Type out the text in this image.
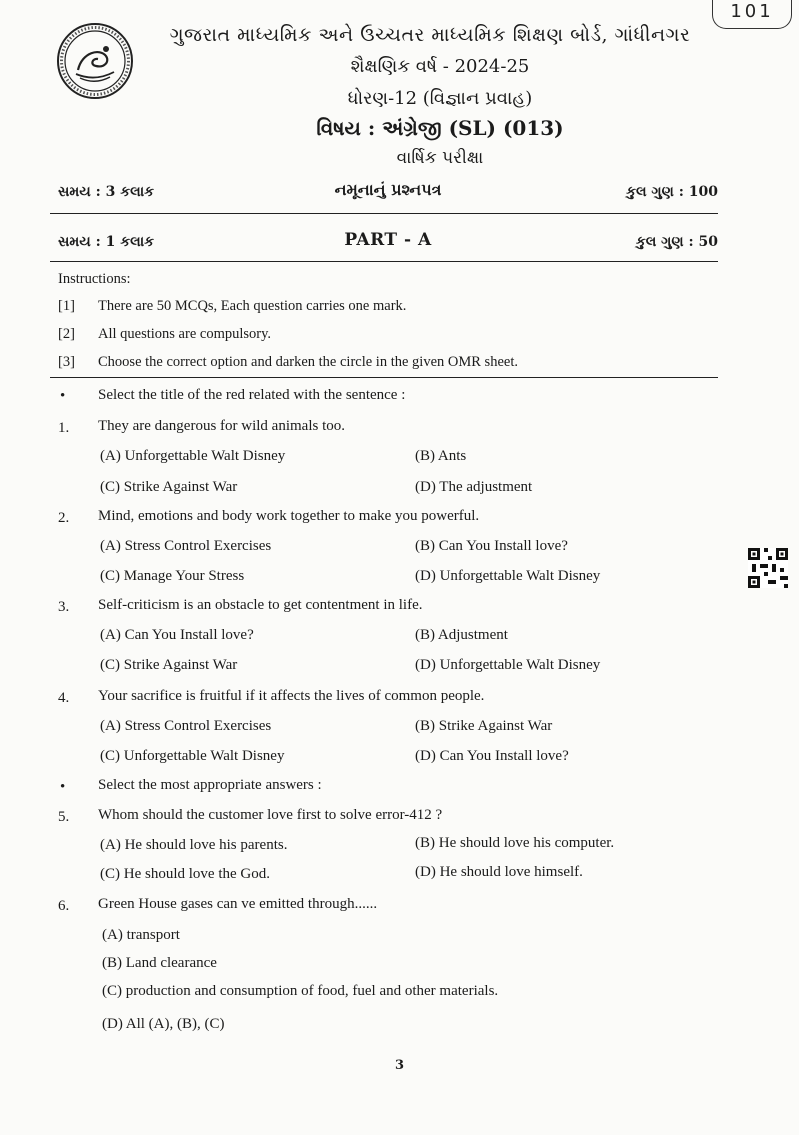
101
ગુજરાત માધ્યમિક અને ઉચ્ચતર માધ્યમિક શિક્ષણ બોર્ડ, ગાંધીનગર
શૈક્ષણિક વર્ષ - 2024-25
ધોરણ-12 (વિજ્ઞાન પ્રવાહ)
વિષય : અંગ્રેજી (SL) (013)
વાર્ષિક પરીક્ષા
સમય : 3 કલાક	નમૂનાનું પ્રશ્નપત્ર	કુલ ગુણ : 100
સમય : 1 કલાક	PART - A	કુલ ગુણ : 50
Instructions:
[1] There are 50 MCQs, Each question carries one mark.
[2] All questions are compulsory.
[3] Choose the correct option and darken the circle in the given OMR sheet.
• Select the title of the red related with the sentence :
1. They are dangerous for wild animals too.
(A) Unforgettable Walt Disney	(B) Ants
(C) Strike Against War	(D) The adjustment
2. Mind, emotions and body work together to make you powerful.
(A) Stress Control Exercises	(B) Can You Install love?
(C) Manage Your Stress	(D) Unforgettable Walt Disney
3. Self-criticism is an obstacle to get contentment in life.
(A) Can You Install love?	(B) Adjustment
(C) Strike Against War	(D) Unforgettable Walt Disney
4. Your sacrifice is fruitful if it affects the lives of common people.
(A) Stress Control Exercises	(B) Strike Against War
(C) Unforgettable Walt Disney	(D) Can You Install love?
• Select the most appropriate answers :
5. Whom should the customer love first to solve error-412 ?
(A) He should love his parents.	(B) He should love his computer.
(C) He should love the God.	(D) He should love himself.
6. Green House gases can ve emitted through......
(A) transport
(B) Land clearance
(C) production and consumption of food, fuel and other materials.
(D) All (A), (B), (C)
3
